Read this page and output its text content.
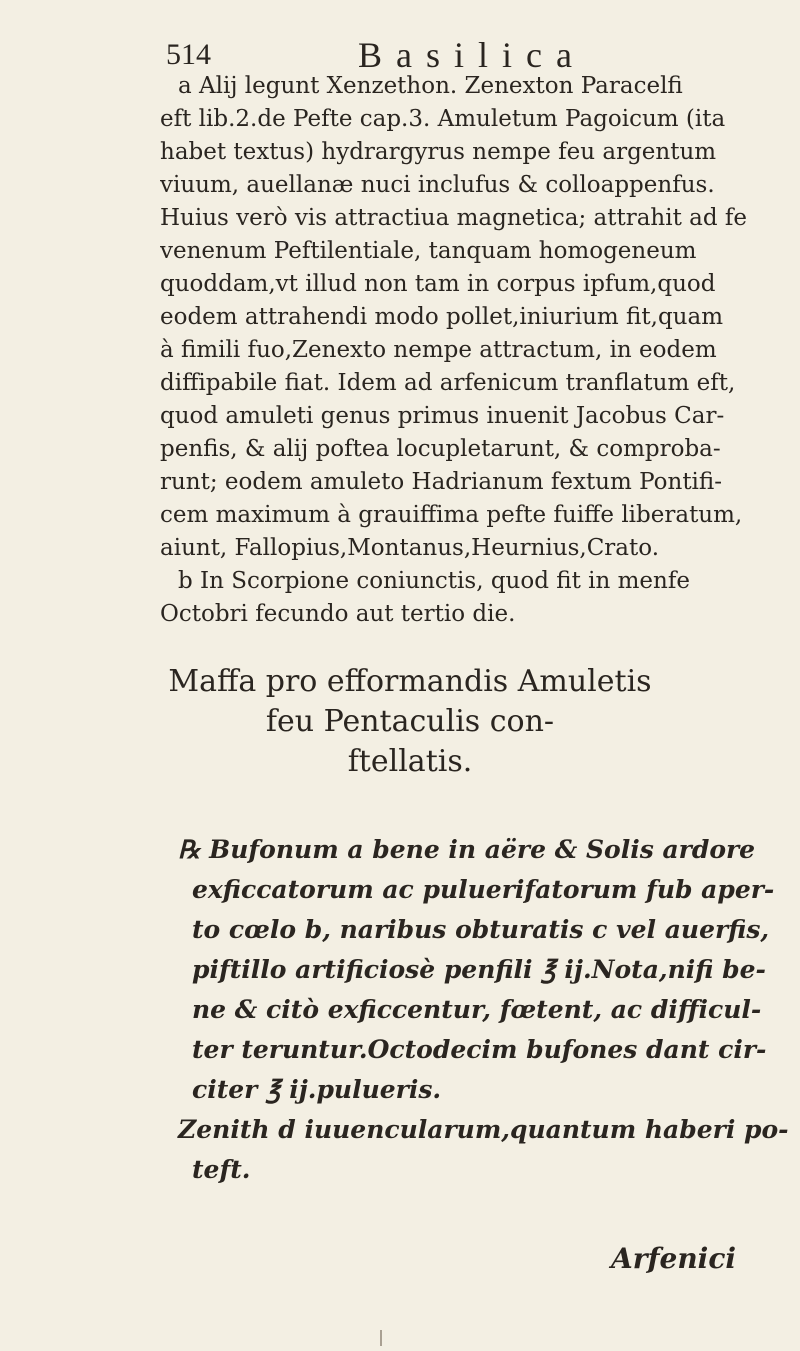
514	Basilica
a Alij legunt Xenzethon. Zenexton Paracelfi
eft lib.2.de Pefte cap.3. Amuletum Pagoicum (ita
habet textus) hydrargyrus nempe feu argentum
viuum, auellanæ nuci inclufus & colloappenfus.
Huius verò vis attractiua magnetica; attrahit ad fe
venenum Peftilentiale, tanquam homogeneum
quoddam,vt illud non tam in corpus ipfum,quod
eodem attrahendi modo pollet,iniurium fit,quam
à fimili fuo,Zenexto nempe attractum, in eodem
diffipabile fiat. Idem ad arfenicum tranflatum eft,
quod amuleti genus primus inuenit Jacobus Car-
penfis, & alij poftea locupletarunt, & comproba-
runt; eodem amuleto Hadrianum fextum Pontifi-
cem maximum à grauiffima pefte fuiffe liberatum,
aiunt, Fallopius,Montanus,Heurnius,Crato.
b In Scorpione coniunctis, quod fit in menfe
Octobri fecundo aut tertio die.
Maffa pro efformandis Amuletis
feu Pentaculis con-
ftellatis.
℞ Bufonum a bene in aëre & Solis ardore
exficcatorum ac puluerifatorum fub aper-
to cœlo b, naribus obturatis c vel auerfis,
piftillo artificiosè penfili ℥ ij.Nota,nifi be-
ne & citò exficcentur, fœtent, ac difficul-
ter teruntur.Octodecim bufones dant cir-
citer ℥ ij.pulueris.
Zenith d iuuencularum,quantum haberi po-
teft.
Arfenici
